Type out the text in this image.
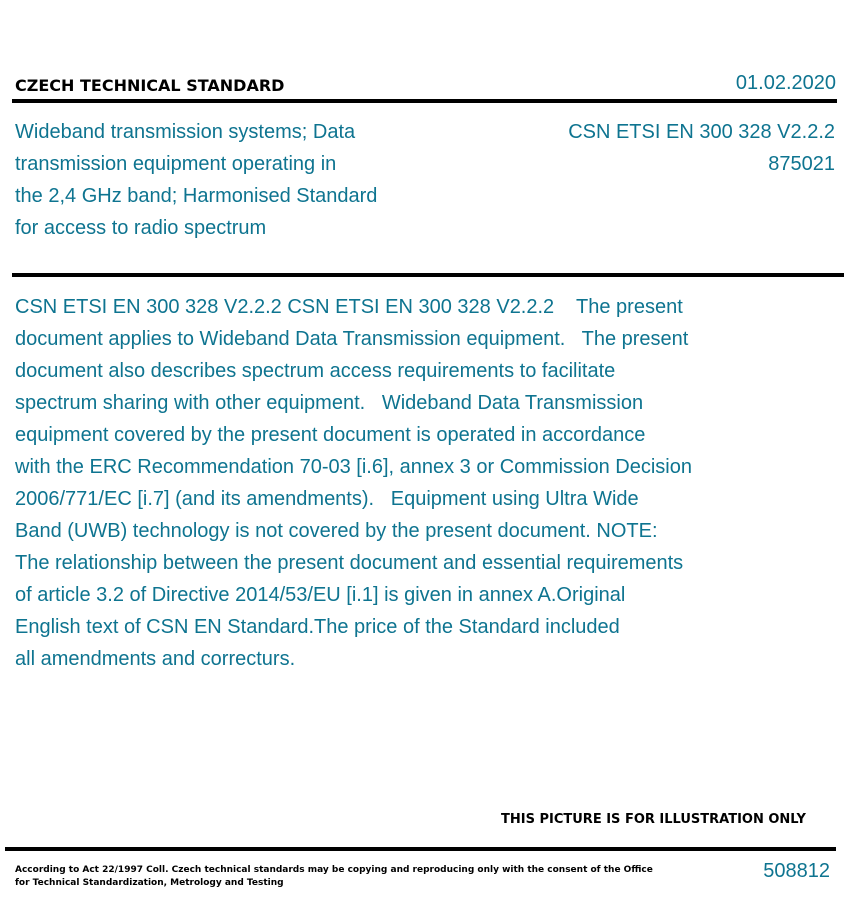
CZECH TECHNICAL STANDARD	01.02.2020
Wideband transmission systems; Data
transmission equipment operating in
the 2,4 GHz band; Harmonised Standard
for access to radio spectrum
CSN ETSI EN 300 328 V2.2.2
875021
CSN ETSI EN 300 328 V2.2.2 CSN ETSI EN 300 328 V2.2.2    The present
document applies to Wideband Data Transmission equipment.   The present
document also describes spectrum access requirements to facilitate
spectrum sharing with other equipment.   Wideband Data Transmission
equipment covered by the present document is operated in accordance
with the ERC Recommendation 70-03 [i.6], annex 3 or Commission Decision
2006/771/EC [i.7] (and its amendments).   Equipment using Ultra Wide
Band (UWB) technology is not covered by the present document. NOTE:
The relationship between the present document and essential requirements
of article 3.2 of Directive 2014/53/EU [i.1] is given in annex A.Original
English text of CSN EN Standard.The price of the Standard included
all amendments and correcturs.
THIS PICTURE IS FOR ILLUSTRATION ONLY
According to Act 22/1997 Coll. Czech technical standards may be copying and reproducing only with the consent of the Office
for Technical Standardization, Metrology and Testing
508812
